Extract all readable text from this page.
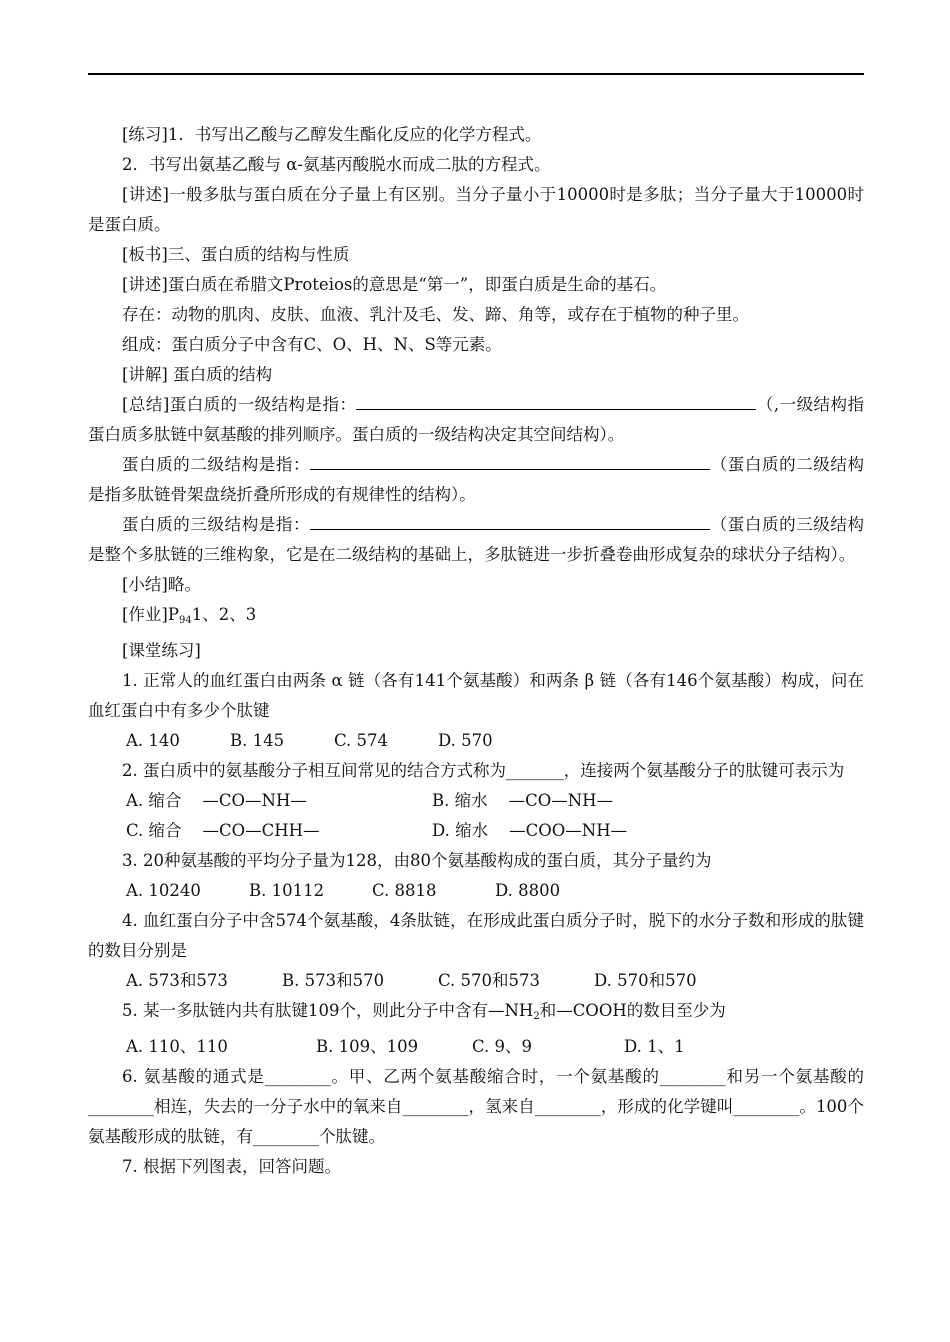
[练习]1．书写出乙酸与乙醇发生酯化反应的化学方程式。

2．书写出氨基乙酸与 α-氨基丙酸脱水而成二肽的方程式。

[讲述]一般多肽与蛋白质在分子量上有区别。当分子量小于10000时是多肽；当分子量大于10000时是蛋白质。

[板书]三、蛋白质的结构与性质

[讲述]蛋白质在希腊文Proteios的意思是“第一”，即蛋白质是生命的基石。

存在：动物的肌肉、皮肤、血液、乳汁及毛、发、蹄、角等，或存在于植物的种子里。

组成：蛋白质分子中含有C、O、H、N、S等元素。

[讲解] 蛋白质的结构

[总结]蛋白质的一级结构是指：	（,一级结构指蛋白质多肽链中氨基酸的排列顺序。蛋白质的一级结构决定其空间结构）。

蛋白质的二级结构是指：	（蛋白质的二级结构是指多肽链骨架盘绕折叠所形成的有规律性的结构）。

蛋白质的三级结构是指：	（蛋白质的三级结构是整个多肽链的三维构象，它是在二级结构的基础上，多肽链进一步折叠卷曲形成复杂的球状分子结构）。

[小结]略。

[作业]$P_{94}1$、2、3

[课堂练习]

1. 正常人的血红蛋白由两条 α 链（各有141个氨基酸）和两条 β 链（各有146个氨基酸）构成，问在血红蛋白中有多少个肽键

A. 140	B. 145	C. 574	D. 570

2. 蛋白质中的氨基酸分子相互间常见的结合方式称为_______，连接两个氨基酸分子的肽键可表示为

A. 缩合    —CO—NH—	B. 缩水    —CO—NH—
C. 缩合    —CO—CHH—	D. 缩水    —COO—NH—

3. 20种氨基酸的平均分子量为128，由80个氨基酸构成的蛋白质，其分子量约为

A. 10240	B. 10112	C. 8818	D. 8800

4. 血红蛋白分子中含574个氨基酸，4条肽链，在形成此蛋白质分子时，脱下的水分子数和形成的肽键的数目分别是

A. 573和573	B. 573和570	C. 570和573	D. 570和570

5. 某一多肽链内共有肽键109个，则此分子中含有$—NH_2$和—COOH的数目至少为

A. 110、110	B. 109、109	C. 9、9	D. 1、1

6. 氨基酸的通式是________。甲、乙两个氨基酸缩合时，一个氨基酸的________和另一个氨基酸的________相连，失去的一分子水中的氧来自________，氢来自________，形成的化学键叫________。100个氨基酸形成的肽链，有________个肽键。

7. 根据下列图表，回答问题。
